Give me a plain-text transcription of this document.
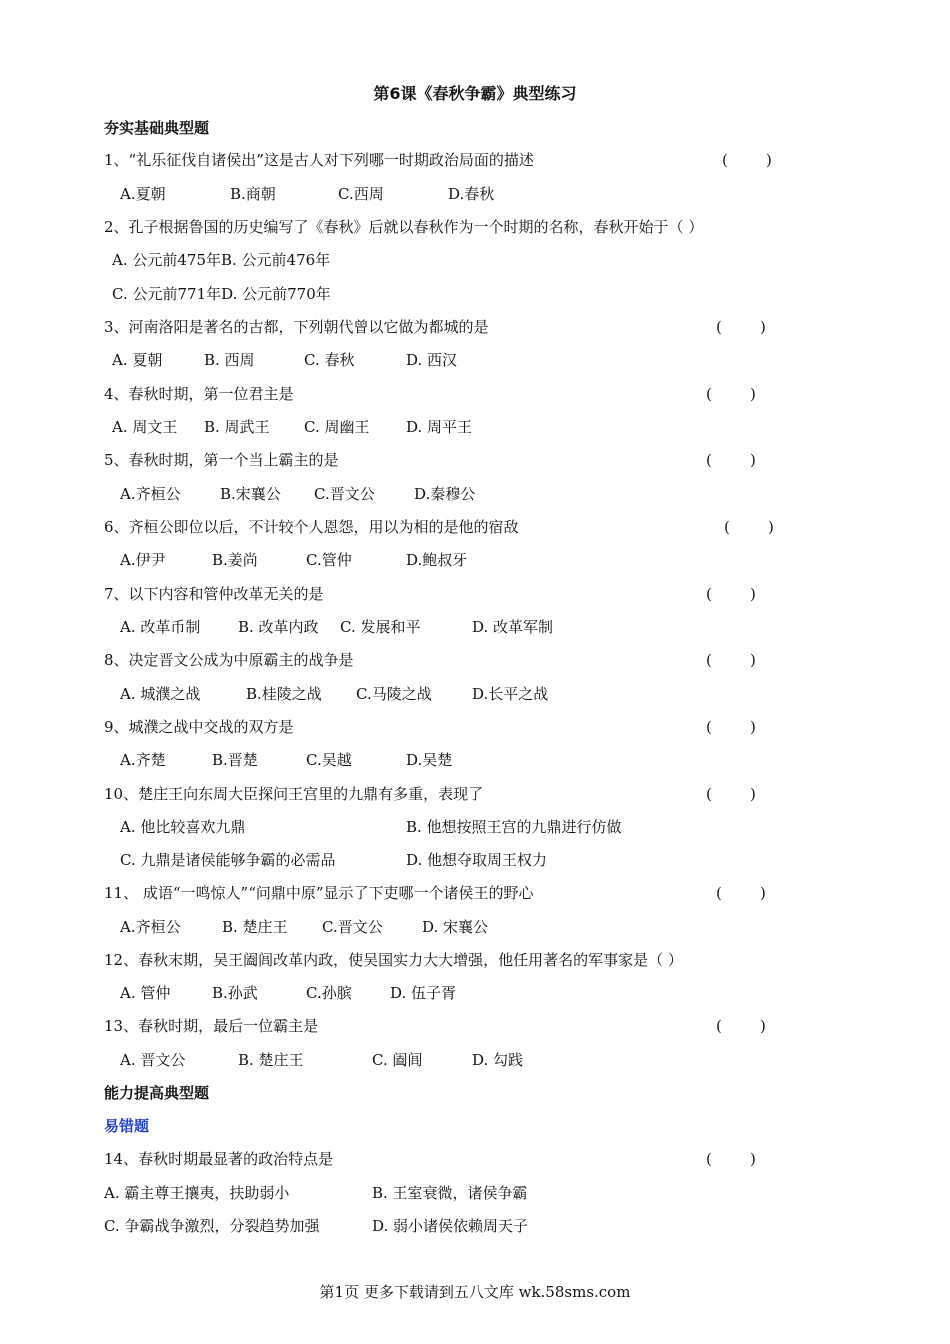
第6课《春秋争霸》典型练习
夯实基础典型题
1、“礼乐征伐自诸侯出”这是古人对下列哪一时期政治局面的描述	(        )
A.夏朝	B.商朝	C.西周	D.春秋
2、孔子根据鲁国的历史编写了《春秋》后就以春秋作为一个时期的名称，春秋开始于（ ）
A. 公元前475年B. 公元前476年
C. 公元前771年D. 公元前770年
3、河南洛阳是著名的古都，下列朝代曾以它做为都城的是	(        )
A. 夏朝	B. 西周	C. 春秋	D. 西汉
4、春秋时期，第一位君主是	(        )
A. 周文王 B. 周武王 C. 周幽王 D. 周平王
5、春秋时期，第一个当上霸主的是	(        )
A.齐桓公	B.宋襄公 C.晋文公	D.秦穆公
6、齐桓公即位以后，不计较个人恩怨，用以为相的是他的宿敌	(        )
A.伊尹	B.姜尚	C.管仲	D.鲍叔牙
7、以下内容和管仲改革无关的是	(        )
A. 改革币制	B. 改革内政 C. 发展和平	D. 改革军制
8、决定晋文公成为中原霸主的战争是	(        )
A. 城濮之战	B.桂陵之战 C.马陵之战	D.长平之战
9、城濮之战中交战的双方是	(        )
A.齐楚	B.晋楚	C.吴越	D.吴楚
10、楚庄王向东周大臣探问王宫里的九鼎有多重，表现了	(        )
A. 他比较喜欢九鼎	B. 他想按照王宫的九鼎进行仿做
C. 九鼎是诸侯能够争霸的必需品	D. 他想夺取周王权力
11、 成语“一鸣惊人”“问鼎中原”显示了下吏哪一个诸侯王的野心	(        )
A.齐桓公	B. 楚庄王 C.晋文公	D. 宋襄公
12、春秋末期，吴王阖闾改革内政，使吴国实力大大增强，他任用著名的军事家是（ ）
A. 管仲	B.孙武	C.孙膑	D. 伍子胥
13、春秋时期，最后一位霸主是	(        )
A. 晋文公	B. 楚庄王	C. 阖闾	D. 勾践
能力提高典型题
易错题
14、春秋时期最显著的政治特点是	(        )
A. 霸主尊王攘夷，扶助弱小	B. 王室衰微，诸侯争霸
C. 争霸战争激烈，分裂趋势加强	D. 弱小诸侯依赖周天子
第1页 更多下载请到五八文库 wk.58sms.com
